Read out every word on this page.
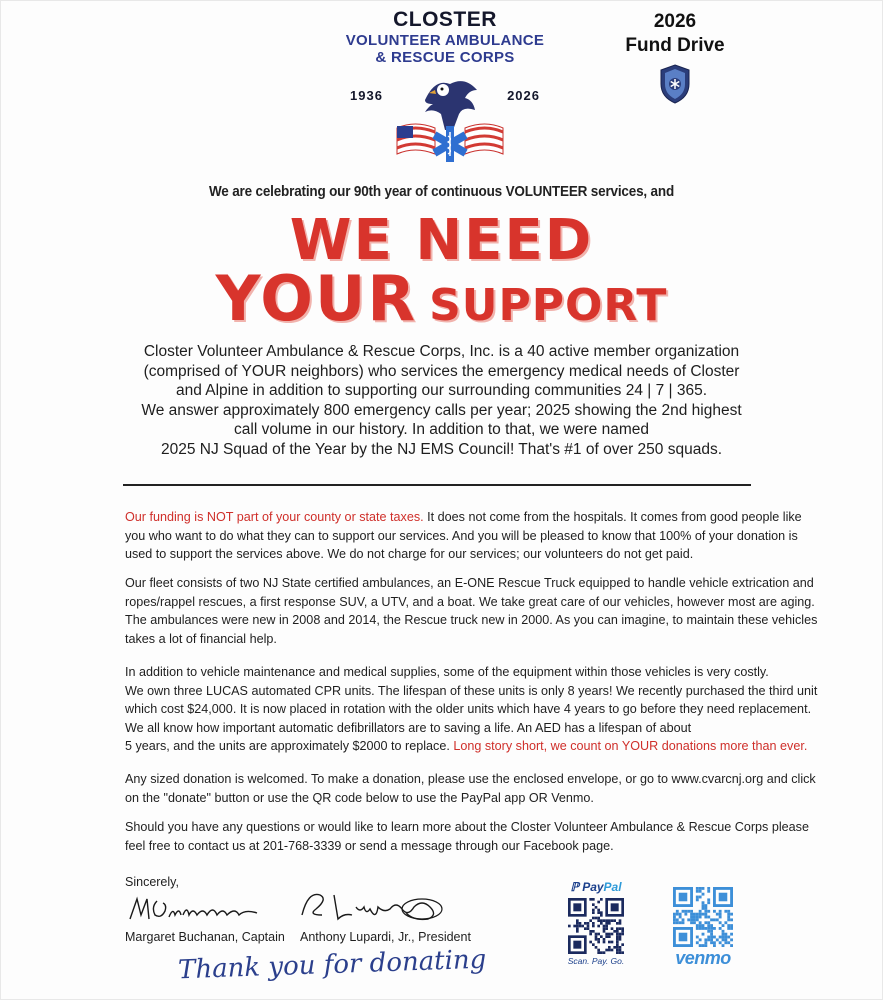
CLOSTER
VOLUNTEER AMBULANCE
& RESCUE CORPS
1936	2026
2026
Fund Drive
We are celebrating our 90th year of continuous VOLUNTEER services, and
WE NEED
YOUR SUPPORT

Closter Volunteer Ambulance & Rescue Corps, Inc. is a 40 active member organization

(comprised of YOUR neighbors) who services the emergency medical needs of Closter

and Alpine in addition to supporting our surrounding communities 24 | 7 | 365.

We answer approximately 800 emergency calls per year; 2025 showing the 2nd highest

call volume in our history. In addition to that, we were named

2025 NJ Squad of the Year by the NJ EMS Council! That's #1 of over 250 squads.

Our funding is NOT part of your county or state taxes. It does not come from the hospitals. It comes from good people like

you who want to do what they can to support our services. And you will be pleased to know that 100% of your donation is

used to support the services above. We do not charge for our services; our volunteers do not get paid.

Our fleet consists of two NJ State certified ambulances, an E-ONE Rescue Truck equipped to handle vehicle extrication and

ropes/rappel rescues, a first response SUV, a UTV, and a boat. We take great care of our vehicles, however most are aging.

The ambulances were new in 2008 and 2014, the Rescue truck new in 2000. As you can imagine, to maintain these vehicles

takes a lot of financial help.

In addition to vehicle maintenance and medical supplies, some of the equipment within those vehicles is very costly.

We own three LUCAS automated CPR units. The lifespan of these units is only 8 years! We recently purchased the third unit

which cost $24,000. It is now placed in rotation with the older units which have 4 years to go before they need replacement.

We all know how important automatic defibrillators are to saving a life. An AED has a lifespan of about

5 years, and the units are approximately $2000 to replace. Long story short, we count on YOUR donations more than ever.

Any sized donation is welcomed. To make a donation, please use the enclosed envelope, or go to www.cvarcnj.org and click

on the "donate" button or use the QR code below to use the PayPal app OR Venmo.

Should you have any questions or would like to learn more about the Closter Volunteer Ambulance & Rescue Corps please

feel free to contact us at 201-768-3339 or send a message through our Facebook page.

Sincerely,
Margaret Buchanan, Captain Anthony Lupardi, Jr., President
Thank you for donating
ℙ PayPal
Scan. Pay. Go.	venmo
